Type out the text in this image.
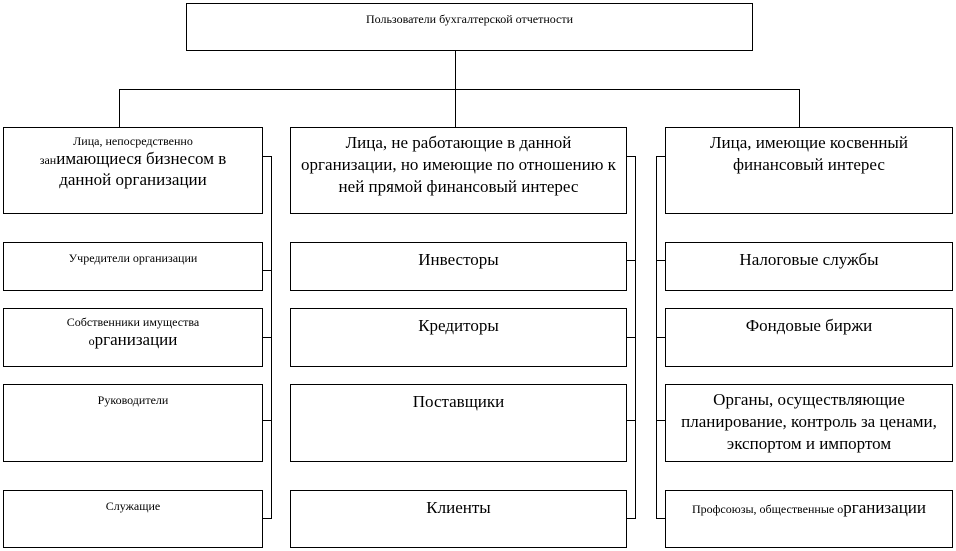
Пользователи бухгалтерской отчетности
Лица, непосредственно
занимающиеся бизнесом в
данной организации
Лица, не работающие в данной организации, но имеющие по отношению к ней прямой финансовый интерес
Лица, имеющие косвенный финансовый интерес
Учредители организации
Собственники имущества
организации
Руководители
Служащие
Инвесторы
Кредиторы
Поставщики
Клиенты
Налоговые службы
Фондовые биржи
Органы, осуществляющие планирование, контроль за ценами, экспортом и импортом
Профсоюзы, общественные организации
